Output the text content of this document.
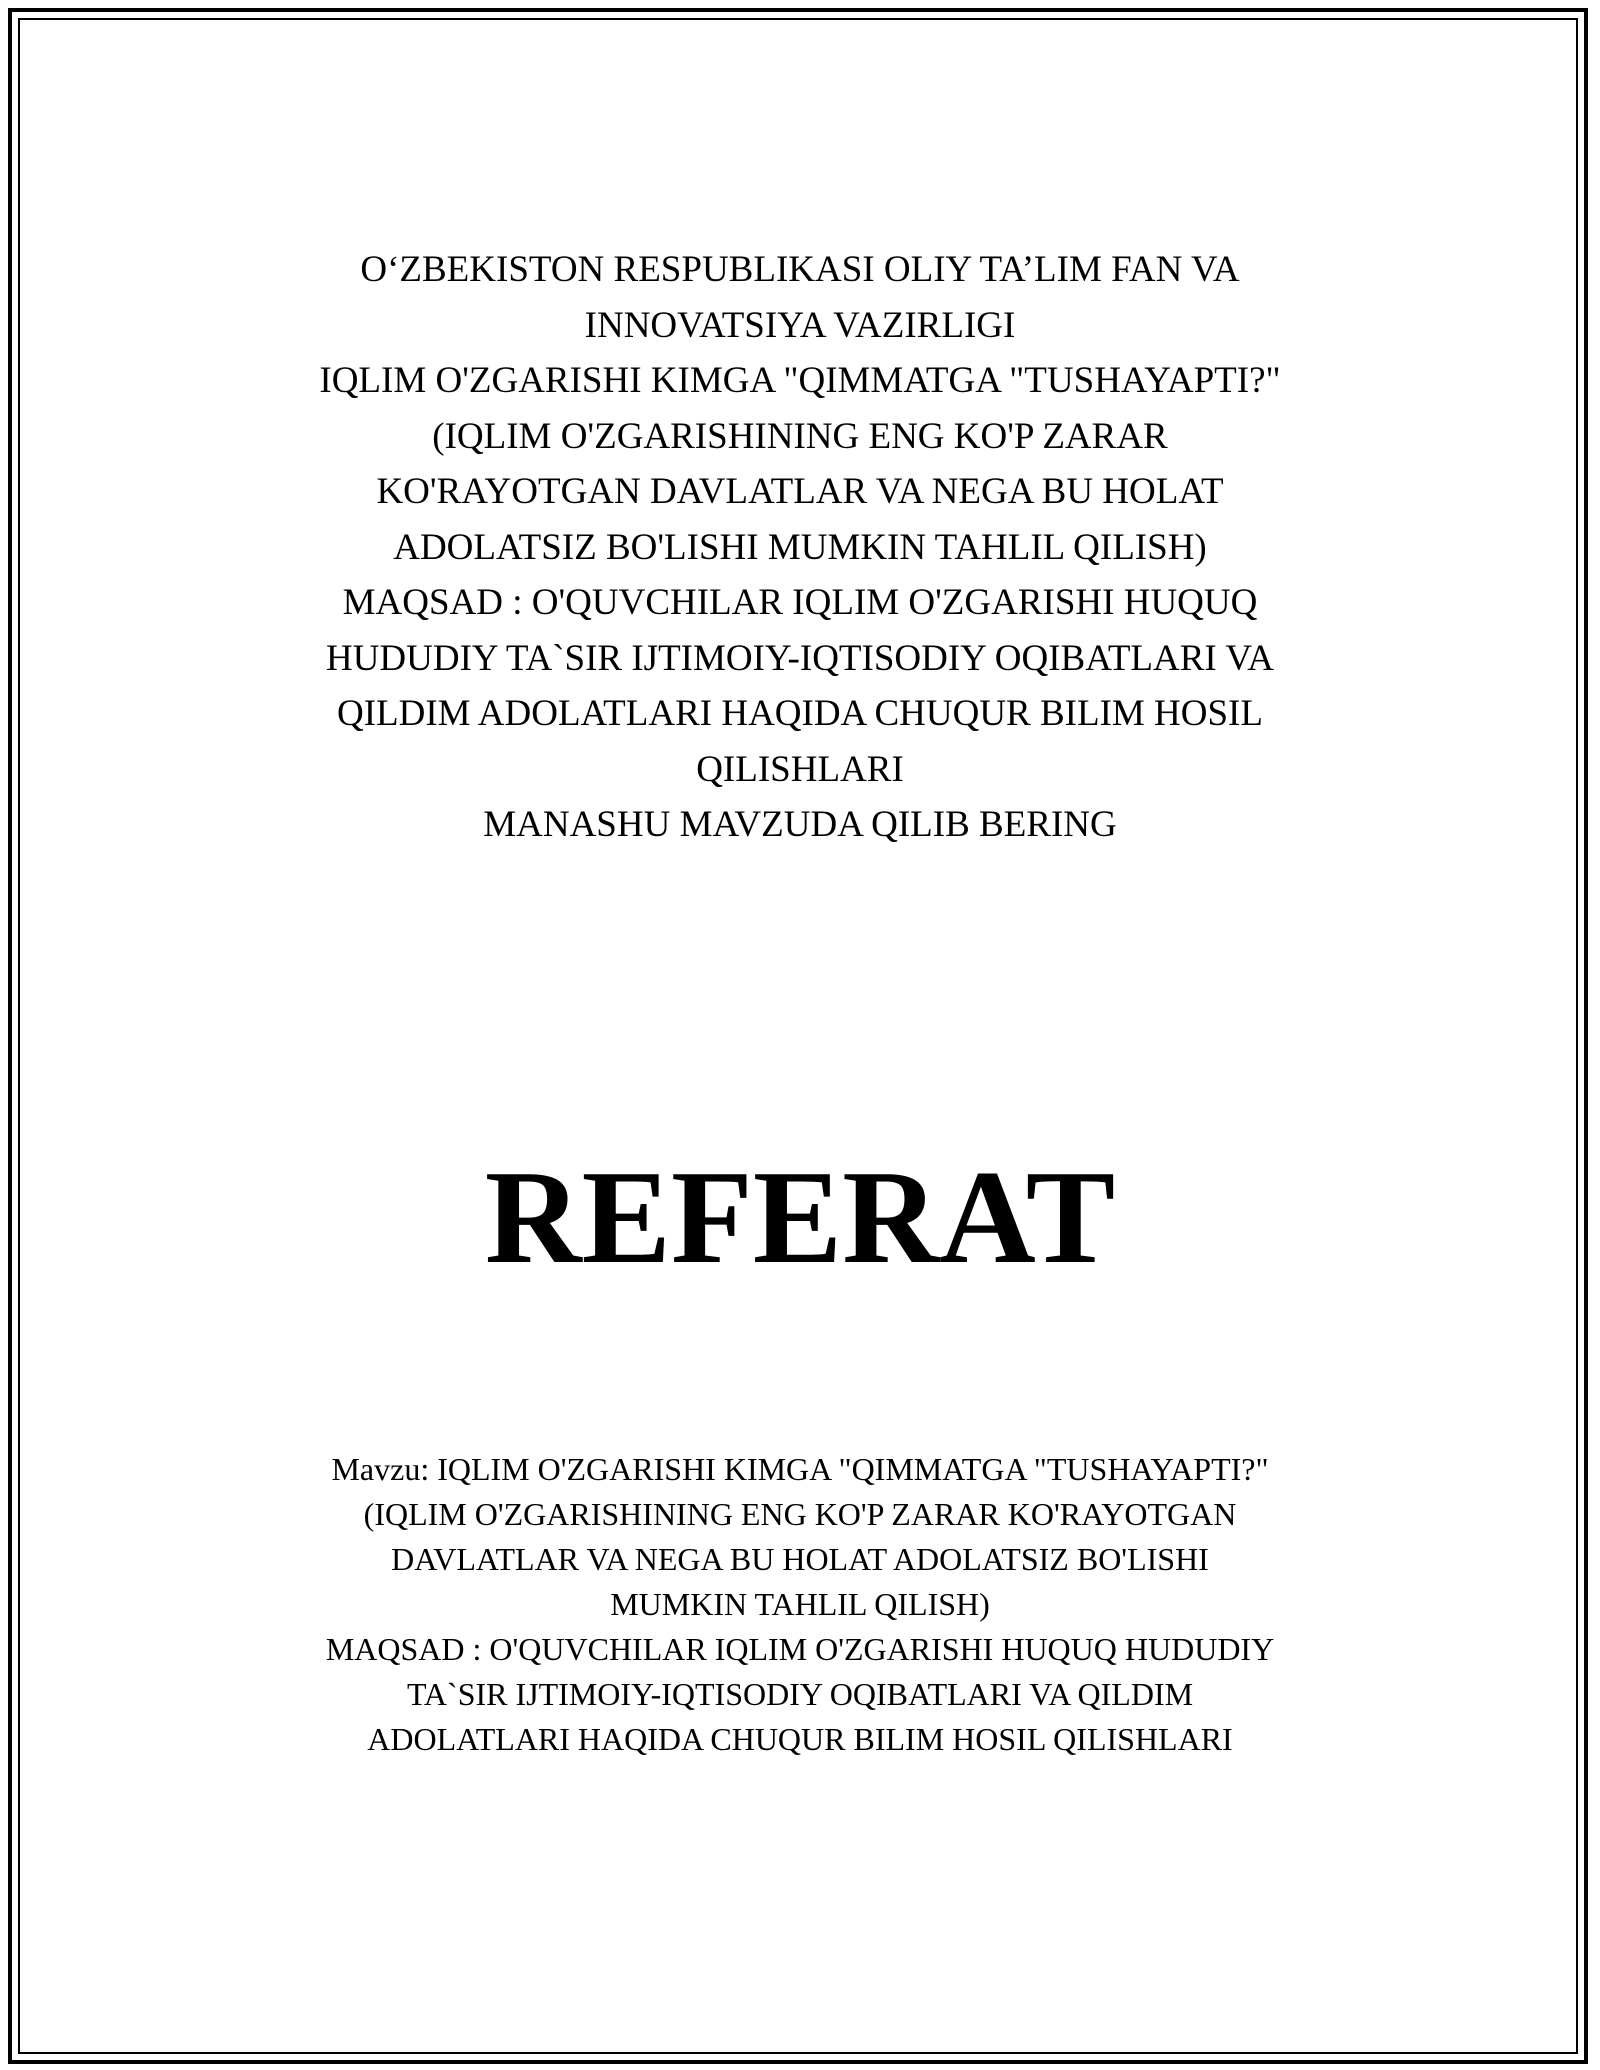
O‘ZBEKISTON RESPUBLIKASI OLIY TA’LIM FAN VA
INNOVATSIYA VAZIRLIGI
IQLIM O'ZGARISHI KIMGA "QIMMATGA "TUSHAYAPTI?"
(IQLIM O'ZGARISHINING ENG KO'P ZARAR
KO'RAYOTGAN DAVLATLAR VA NEGA BU HOLAT
ADOLATSIZ BO'LISHI MUMKIN TAHLIL QILISH)
MAQSAD : O'QUVCHILAR IQLIM O'ZGARISHI HUQUQ
HUDUDIY TA`SIR IJTIMOIY-IQTISODIY OQIBATLARI VA
QILDIM ADOLATLARI HAQIDA CHUQUR BILIM HOSIL
QILISHLARI
MANASHU MAVZUDA QILIB BERING
REFERAT
Mavzu: IQLIM O'ZGARISHI KIMGA "QIMMATGA "TUSHAYAPTI?"
(IQLIM O'ZGARISHINING ENG KO'P ZARAR KO'RAYOTGAN
DAVLATLAR VA NEGA BU HOLAT ADOLATSIZ BO'LISHI
MUMKIN TAHLIL QILISH)
MAQSAD : O'QUVCHILAR IQLIM O'ZGARISHI HUQUQ HUDUDIY
TA`SIR IJTIMOIY-IQTISODIY OQIBATLARI VA QILDIM
ADOLATLARI HAQIDA CHUQUR BILIM HOSIL QILISHLARI
